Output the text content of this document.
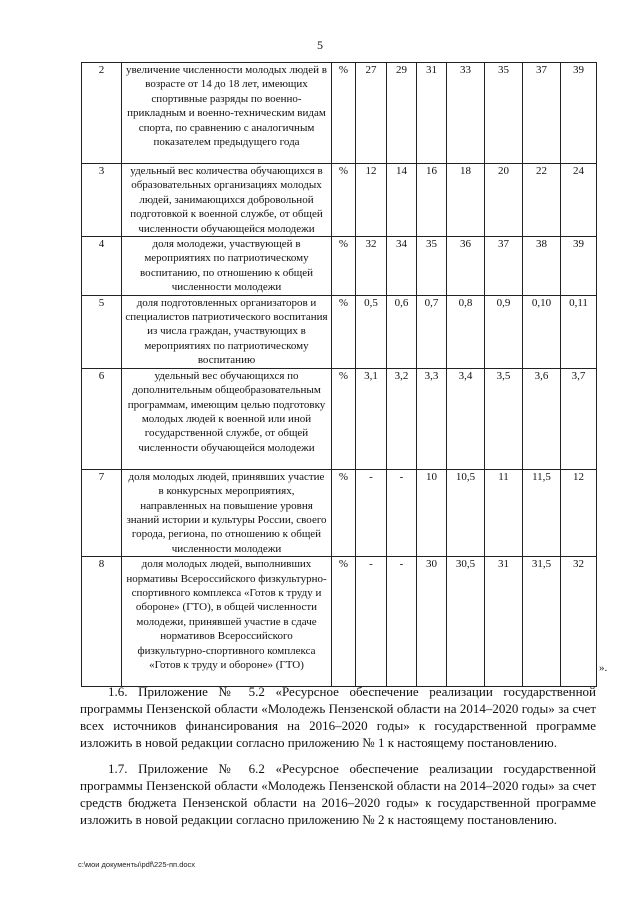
5
2	увеличение численности молодых людей в возрасте от 14 до 18 лет, имеющих спортивные разряды по военно-прикладным и военно-техническим видам спорта, по сравнению с аналогичным показателем предыдущего года	%	27	29	31	33	35	37	39
3	удельный вес количества обучающихся в образовательных организациях молодых людей, занимающихся добровольной подготовкой к военной службе, от общей численности обучающейся молодежи	%	12	14	16	18	20	22	24
4	доля молодежи, участвующей в мероприятиях по патриотическому воспитанию, по отношению к общей численности молодежи	%	32	34	35	36	37	38	39
5	доля подготовленных организаторов и специалистов патриотического воспитания из числа граждан, участвующих в мероприятиях по патриотическому воспитанию	%	0,5	0,6	0,7	0,8	0,9	0,10	0,11
6	удельный вес обучающихся по дополнительным общеобразовательным программам, имеющим целью подготовку молодых людей к военной или иной государственной службе, от общей численности обучающейся молодежи	%	3,1	3,2	3,3	3,4	3,5	3,6	3,7
7	доля молодых людей, принявших участие в конкурсных мероприятиях, направленных на повышение уровня знаний истории и культуры России, своего города, региона, по отношению к общей численности молодежи	%	-	-	10	10,5	11	11,5	12
8	доля молодых людей, выполнивших нормативы Всероссийского физкультурно-спортивного комплекса «Готов к труду и обороне» (ГТО), в общей численности молодежи, принявшей участие в сдаче нормативов Всероссийского физкультурно-спортивного комплекса «Готов к труду и обороне» (ГТО)	%	-	-	30	30,5	31	31,5	32
».

1.6. Приложение № 5.2 «Ресурсное обеспечение реализации государственной программы Пензенской области «Молодежь Пензенской области на 2014–2020 годы» за счет всех источников финансирования на 2016–2020 годы» к государственной программе изложить в новой редакции согласно приложению № 1 к настоящему постановлению.

1.7. Приложение № 6.2 «Ресурсное обеспечение реализации государственной программы Пензенской области «Молодежь Пензенской области на 2014–2020 годы» за счет средств бюджета Пензенской области на 2016–2020 годы» к государственной программе изложить в новой редакции согласно приложению № 2 к настоящему постановлению.

c:\мои документы\pdf\225-пп.docx
